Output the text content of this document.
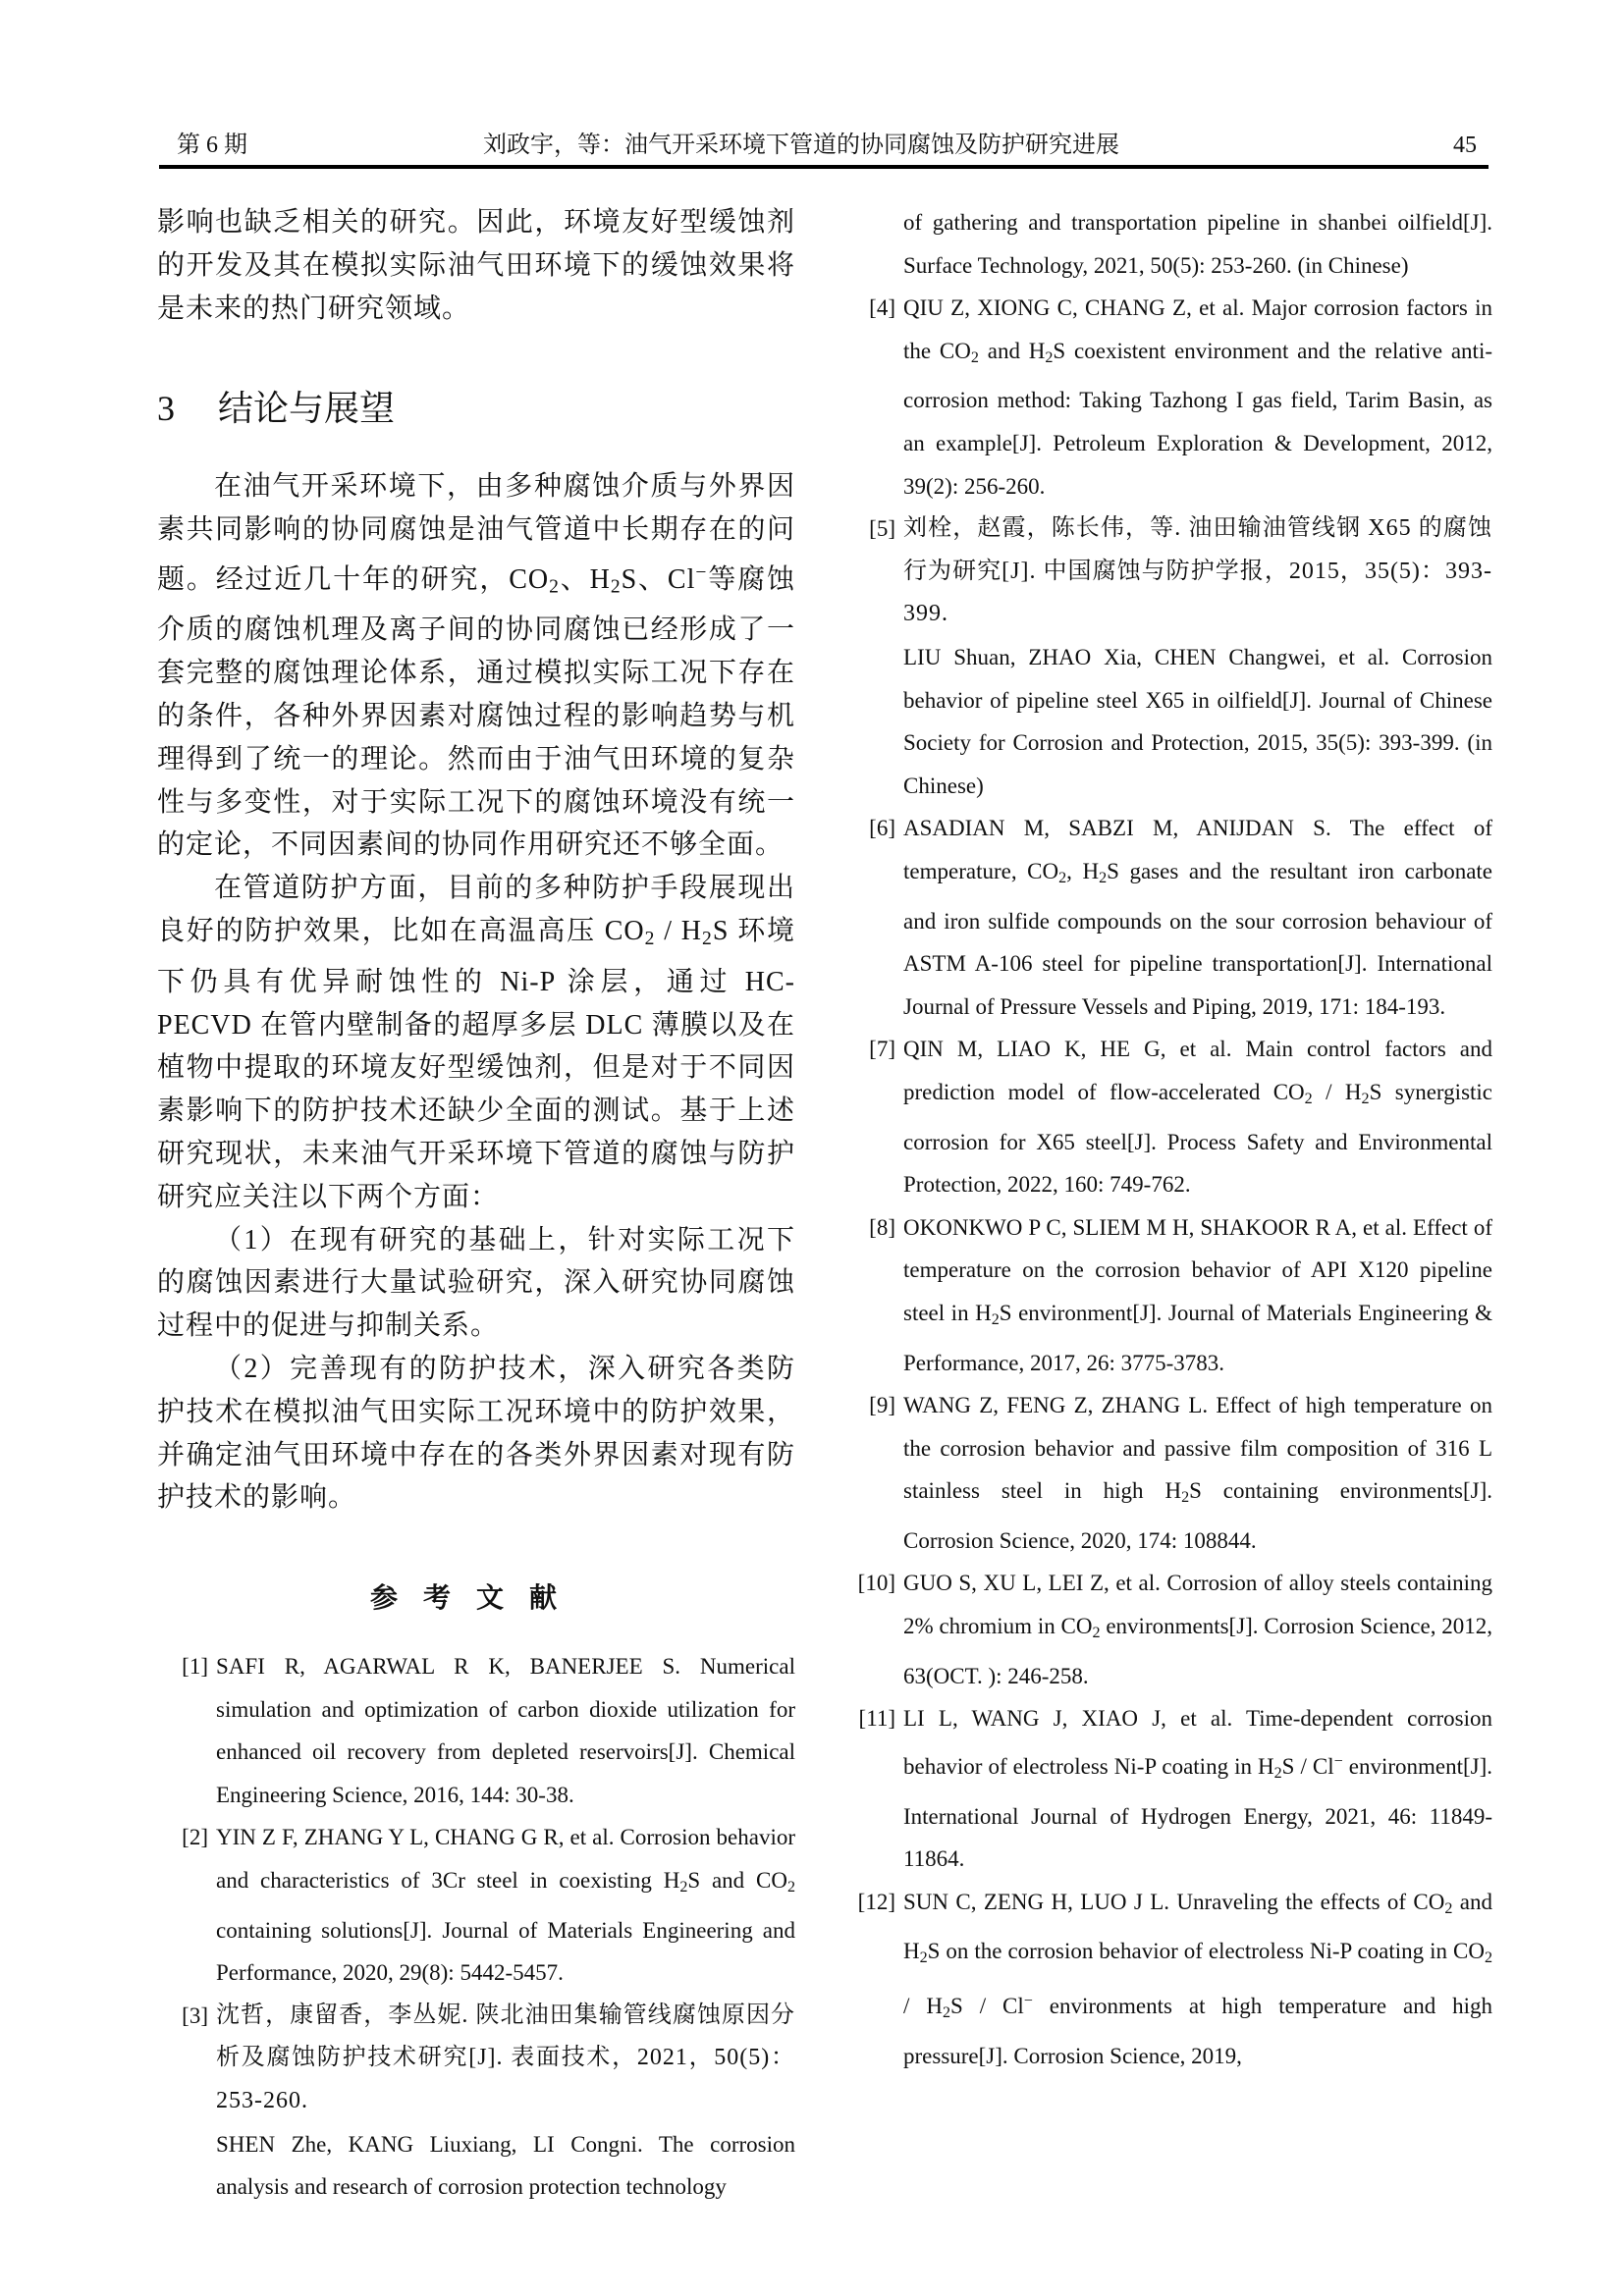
第 6 期	刘政宇，等：油气开采环境下管道的协同腐蚀及防护研究进展	45

影响也缺乏相关的研究。因此，环境友好型缓蚀剂的开发及其在模拟实际油气田环境下的缓蚀效果将是未来的热门研究领域。

3 结论与展望

在油气开采环境下，由多种腐蚀介质与外界因素共同影响的协同腐蚀是油气管道中长期存在的问题。经过近几十年的研究，$CO_2$、$H_2S$、Cl−等腐蚀介质的腐蚀机理及离子间的协同腐蚀已经形成了一套完整的腐蚀理论体系，通过模拟实际工况下存在的条件，各种外界因素对腐蚀过程的影响趋势与机理得到了统一的理论。然而由于油气田环境的复杂性与多变性，对于实际工况下的腐蚀环境没有统一的定论，不同因素间的协同作用研究还不够全面。

在管道防护方面，目前的多种防护手段展现出良好的防护效果，比如在高温高压 $CO_2 / H_2S$ 环境下仍具有优异耐蚀性的 Ni-P 涂层，通过 HC-PECVD 在管内壁制备的超厚多层 DLC 薄膜以及在植物中提取的环境友好型缓蚀剂，但是对于不同因素影响下的防护技术还缺少全面的测试。基于上述研究现状，未来油气开采环境下管道的腐蚀与防护研究应关注以下两个方面：

（1）在现有研究的基础上，针对实际工况下的腐蚀因素进行大量试验研究，深入研究协同腐蚀过程中的促进与抑制关系。

（2）完善现有的防护技术，深入研究各类防护技术在模拟油气田实际工况环境中的防护效果，并确定油气田环境中存在的各类外界因素对现有防护技术的影响。

参考文献
[1] SAFI R, AGARWAL R K, BANERJEE S. Numerical simulation and optimization of carbon dioxide utilization for enhanced oil recovery from depleted reservoirs[J]. Chemical Engineering Science, 2016, 144: 30-38.

[2] YIN Z F, ZHANG Y L, CHANG G R, et al. Corrosion behavior and characteristics of 3Cr steel in coexisting $H_2S$ and $CO_2$ containing solutions[J]. Journal of Materials Engineering and Performance, 2020, 29(8): 5442-5457.

[3] 沈哲，康留香，李丛妮. 陕北油田集输管线腐蚀原因分析及腐蚀防护技术研究[J]. 表面技术，2021，50(5)：253-260.

SHEN Zhe, KANG Liuxiang, LI Congni. The corrosion analysis and research of corrosion protection technology

of gathering and transportation pipeline in shanbei oilfield[J]. Surface Technology, 2021, 50(5): 253-260. (in Chinese)

[4] QIU Z, XIONG C, CHANG Z, et al. Major corrosion factors in the $CO_2$ and $H_2S$ coexistent environment and the relative anti-corrosion method: Taking Tazhong I gas field, Tarim Basin, as an example[J]. Petroleum Exploration & Development, 2012, 39(2): 256-260.

[5] 刘栓，赵霞，陈长伟，等. 油田输油管线钢 X65 的腐蚀行为研究[J]. 中国腐蚀与防护学报，2015，35(5)：393-399.

LIU Shuan, ZHAO Xia, CHEN Changwei, et al. Corrosion behavior of pipeline steel X65 in oilfield[J]. Journal of Chinese Society for Corrosion and Protection, 2015, 35(5): 393-399. (in Chinese)

[6] ASADIAN M, SABZI M, ANIJDAN S. The effect of temperature, $CO_2$, $H_2S$ gases and the resultant iron carbonate and iron sulfide compounds on the sour corrosion behaviour of ASTM A-106 steel for pipeline transportation[J]. International Journal of Pressure Vessels and Piping, 2019, 171: 184-193.

[7] QIN M, LIAO K, HE G, et al. Main control factors and prediction model of flow-accelerated $CO_2 / H_2S$ synergistic corrosion for X65 steel[J]. Process Safety and Environmental Protection, 2022, 160: 749-762.

[8] OKONKWO P C, SLIEM M H, SHAKOOR R A, et al. Effect of temperature on the corrosion behavior of API X120 pipeline steel in $H_2S$ environment[J]. Journal of Materials Engineering & Performance, 2017, 26: 3775-3783.

[9] WANG Z, FENG Z, ZHANG L. Effect of high temperature on the corrosion behavior and passive film composition of 316 L stainless steel in high $H_2S$ containing environments[J]. Corrosion Science, 2020, 174: 108844.

[10] GUO S, XU L, LEI Z, et al. Corrosion of alloy steels containing 2% chromium in $CO_2$ environments[J]. Corrosion Science, 2012, 63(OCT. ): 246-258.

[11] LI L, WANG J, XIAO J, et al. Time-dependent corrosion behavior of electroless Ni-P coating in $H_2S / Cl^-$ environment[J]. International Journal of Hydrogen Energy, 2021, 46: 11849-11864.

[12] SUN C, ZENG H, LUO J L. Unraveling the effects of $CO_2$ and $H_2S$ on the corrosion behavior of electroless Ni-P coating in $CO_2 / H_2S / Cl^-$ environments at high temperature and high pressure[J]. Corrosion Science, 2019,
